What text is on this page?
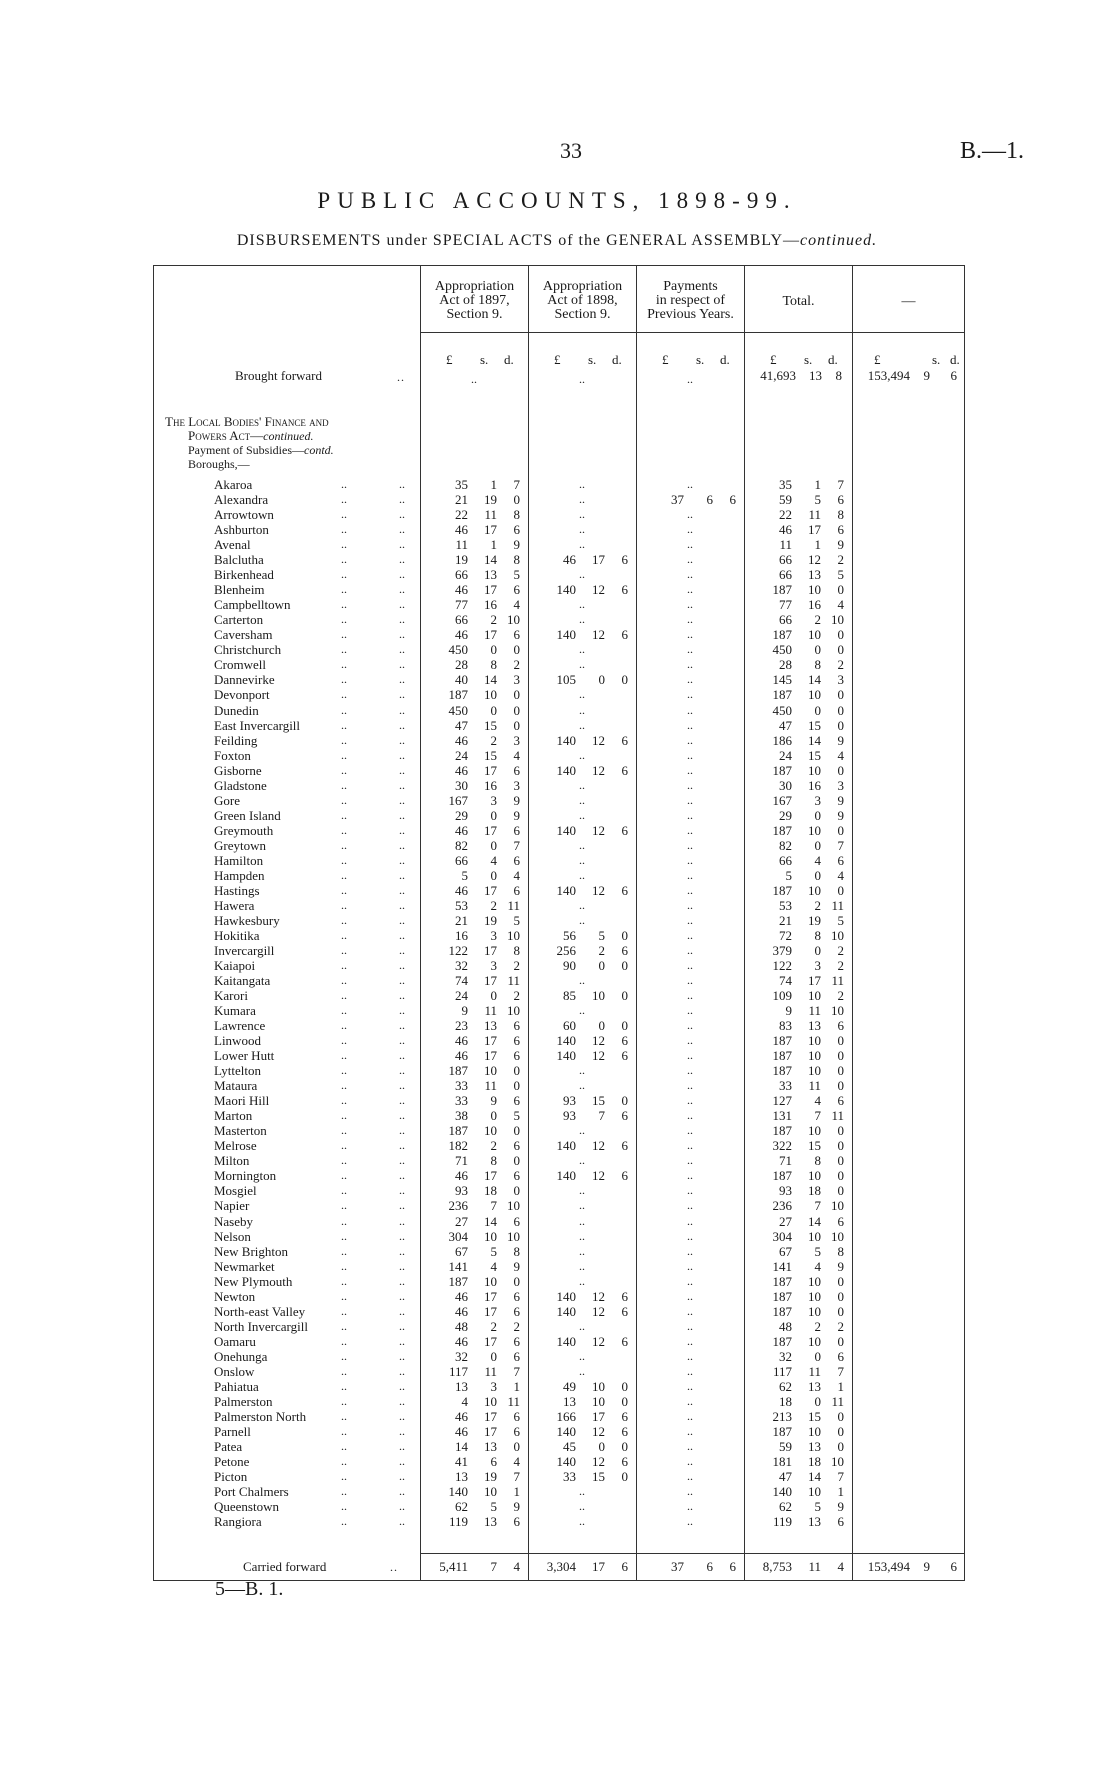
33	B.—1.
PUBLIC ACCOUNTS, 1898-99.
DISBURSEMENTS under SPECIAL ACTS of the GENERAL ASSEMBLY—continued.
Appropriation
Act of 1897,
Section 9.
Appropriation
Act of 1898,
Section 9.
Payments
in respect of
Previous Years.
Total.	—
£ s. d.	£ s. d.	£ s. d.	£ s. d.	£	s. d.
Brought forward	..	..	..	..	41,693	13	8	153,494	9	6
The Local Bodies' Finance and
Powers Act—continued.
Payment of Subsidies—contd.
Boroughs,—
Akaroa	..	..	35	1	7	..	..	35	1	7
Alexandra	..	..	21	19	0	..	37	6	6	59	5	6
Arrowtown	..	..	22	11	8	..	..	22	11	8
Ashburton	..	..	46	17	6	..	..	46	17	6
Avenal	..	..	11	1	9	..	..	11	1	9
Balclutha	..	..	19	14	8	46	17	6	..	66	12	2
Birkenhead	..	..	66	13	5	..	..	66	13	5
Blenheim	..	..	46	17	6	140	12	6	..	187	10	0
Campbelltown	..	..	77	16	4	..	..	77	16	4
Carterton	..	..	66	2 10	..	..	66	2 10
Caversham	..	..	46	17	6	140	12	6	..	187	10	0
Christchurch	..	..	450	0	0	..	..	450	0	0
Cromwell	..	..	28	8	2	..	..	28	8	2
Dannevirke	..	..	40	14	3	105	0	0	..	145	14	3
Devonport	..	..	187	10	0	..	..	187	10	0
Dunedin	..	..	450	0	0	..	..	450	0	0
East Invercargill	..	..	47	15	0	..	..	47	15	0
Feilding	..	..	46	2	3	140	12	6	..	186	14	9
Foxton	..	..	24	15	4	..	..	24	15	4
Gisborne	..	..	46	17	6	140	12	6	..	187	10	0
Gladstone	..	..	30	16	3	..	..	30	16	3
Gore	..	..	167	3	9	..	..	167	3	9
Green Island	..	..	29	0	9	..	..	29	0	9
Greymouth	..	..	46	17	6	140	12	6	..	187	10	0
Greytown	..	..	82	0	7	..	..	82	0	7
Hamilton	..	..	66	4	6	..	..	66	4	6
Hampden	..	..	5	0	4	..	..	5	0	4
Hastings	..	..	46	17	6	140	12	6	..	187	10	0
Hawera	..	..	53	2 11	..	..	53	2 11
Hawkesbury	..	..	21	19	5	..	..	21	19	5
Hokitika	..	..	16	3 10	56	5	0	..	72	8 10
Invercargill	..	..	122	17	8	256	2	6	..	379	0	2
Kaiapoi	..	..	32	3	2	90	0	0	..	122	3	2
Kaitangata	..	..	74	17 11	..	..	74	17 11
Karori	..	..	24	0	2	85	10	0	..	109	10	2
Kumara	..	..	9	11 10	..	..	9	11 10
Lawrence	..	..	23	13	6	60	0	0	..	83	13	6
Linwood	..	..	46	17	6	140	12	6	..	187	10	0
Lower Hutt	..	..	46	17	6	140	12	6	..	187	10	0
Lyttelton	..	..	187	10	0	..	..	187	10	0
Mataura	..	..	33	11	0	..	..	33	11	0
Maori Hill	..	..	33	9	6	93	15	0	..	127	4	6
Marton	..	..	38	0	5	93	7	6	..	131	7 11
Masterton	..	..	187	10	0	..	..	187	10	0
Melrose	..	..	182	2	6	140	12	6	..	322	15	0
Milton	..	..	71	8	0	..	..	71	8	0
Mornington	..	..	46	17	6	140	12	6	..	187	10	0
Mosgiel	..	..	93	18	0	..	..	93	18	0
Napier	..	..	236	7 10	..	..	236	7 10
Naseby	..	..	27	14	6	..	..	27	14	6
Nelson	..	..	304	10 10	..	..	304	10 10
New Brighton	..	..	67	5	8	..	..	67	5	8
Newmarket	..	..	141	4	9	..	..	141	4	9
New Plymouth	..	..	187	10	0	..	..	187	10	0
Newton	..	..	46	17	6	140	12	6	..	187	10	0
North-east Valley	..	..	46	17	6	140	12	6	..	187	10	0
North Invercargill	..	..	48	2	2	..	..	48	2	2
Oamaru	..	..	46	17	6	140	12	6	..	187	10	0
Onehunga	..	..	32	0	6	..	..	32	0	6
Onslow	..	..	117	11	7	..	..	117	11	7
Pahiatua	..	..	13	3	1	49	10	0	..	62	13	1
Palmerston	..	..	4	10 11	13	10	0	..	18	0 11
Palmerston North	..	..	46	17	6	166	17	6	..	213	15	0
Parnell	..	..	46	17	6	140	12	6	..	187	10	0
Patea	..	..	14	13	0	45	0	0	..	59	13	0
Petone	..	..	41	6	4	140	12	6	..	181	18 10
Picton	..	..	13	19	7	33	15	0	..	47	14	7
Port Chalmers	..	..	140	10	1	..	..	140	10	1
Queenstown	..	..	62	5	9	..	..	62	5	9
Rangiora	..	..	119	13	6	..	..	119	13	6
Carried forward	..	5,411	7	4	3,304	17	6	37	6	6	8,753	11	4	153,494	9	6
5—B. 1.
